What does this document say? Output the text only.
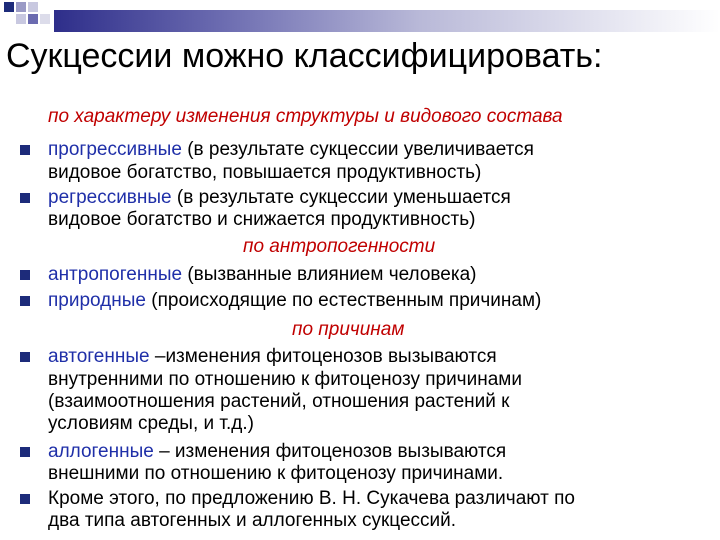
Сукцессии можно классифицировать:
по характеру изменения структуры и видового состава
прогрессивные (в результате сукцессии увеличивается
видовое богатство, повышается продуктивность)
регрессивные (в результате сукцессии уменьшается
видовое богатство и снижается продуктивность)
по антропогенности
антропогенные (вызванные влиянием человека)
природные (происходящие по естественным причинам)
по причинам
автогенные –изменения фитоценозов вызываются
внутренними по отношению к фитоценозу причинами
(взаимоотношения растений, отношения растений к
условиям среды, и т.д.)
аллогенные – изменения фитоценозов вызываются
внешними по отношению к фитоценозу причинами.
Кроме этого, по предложению В. Н. Сукачева различают по
два типа автогенных и аллогенных сукцессий.
